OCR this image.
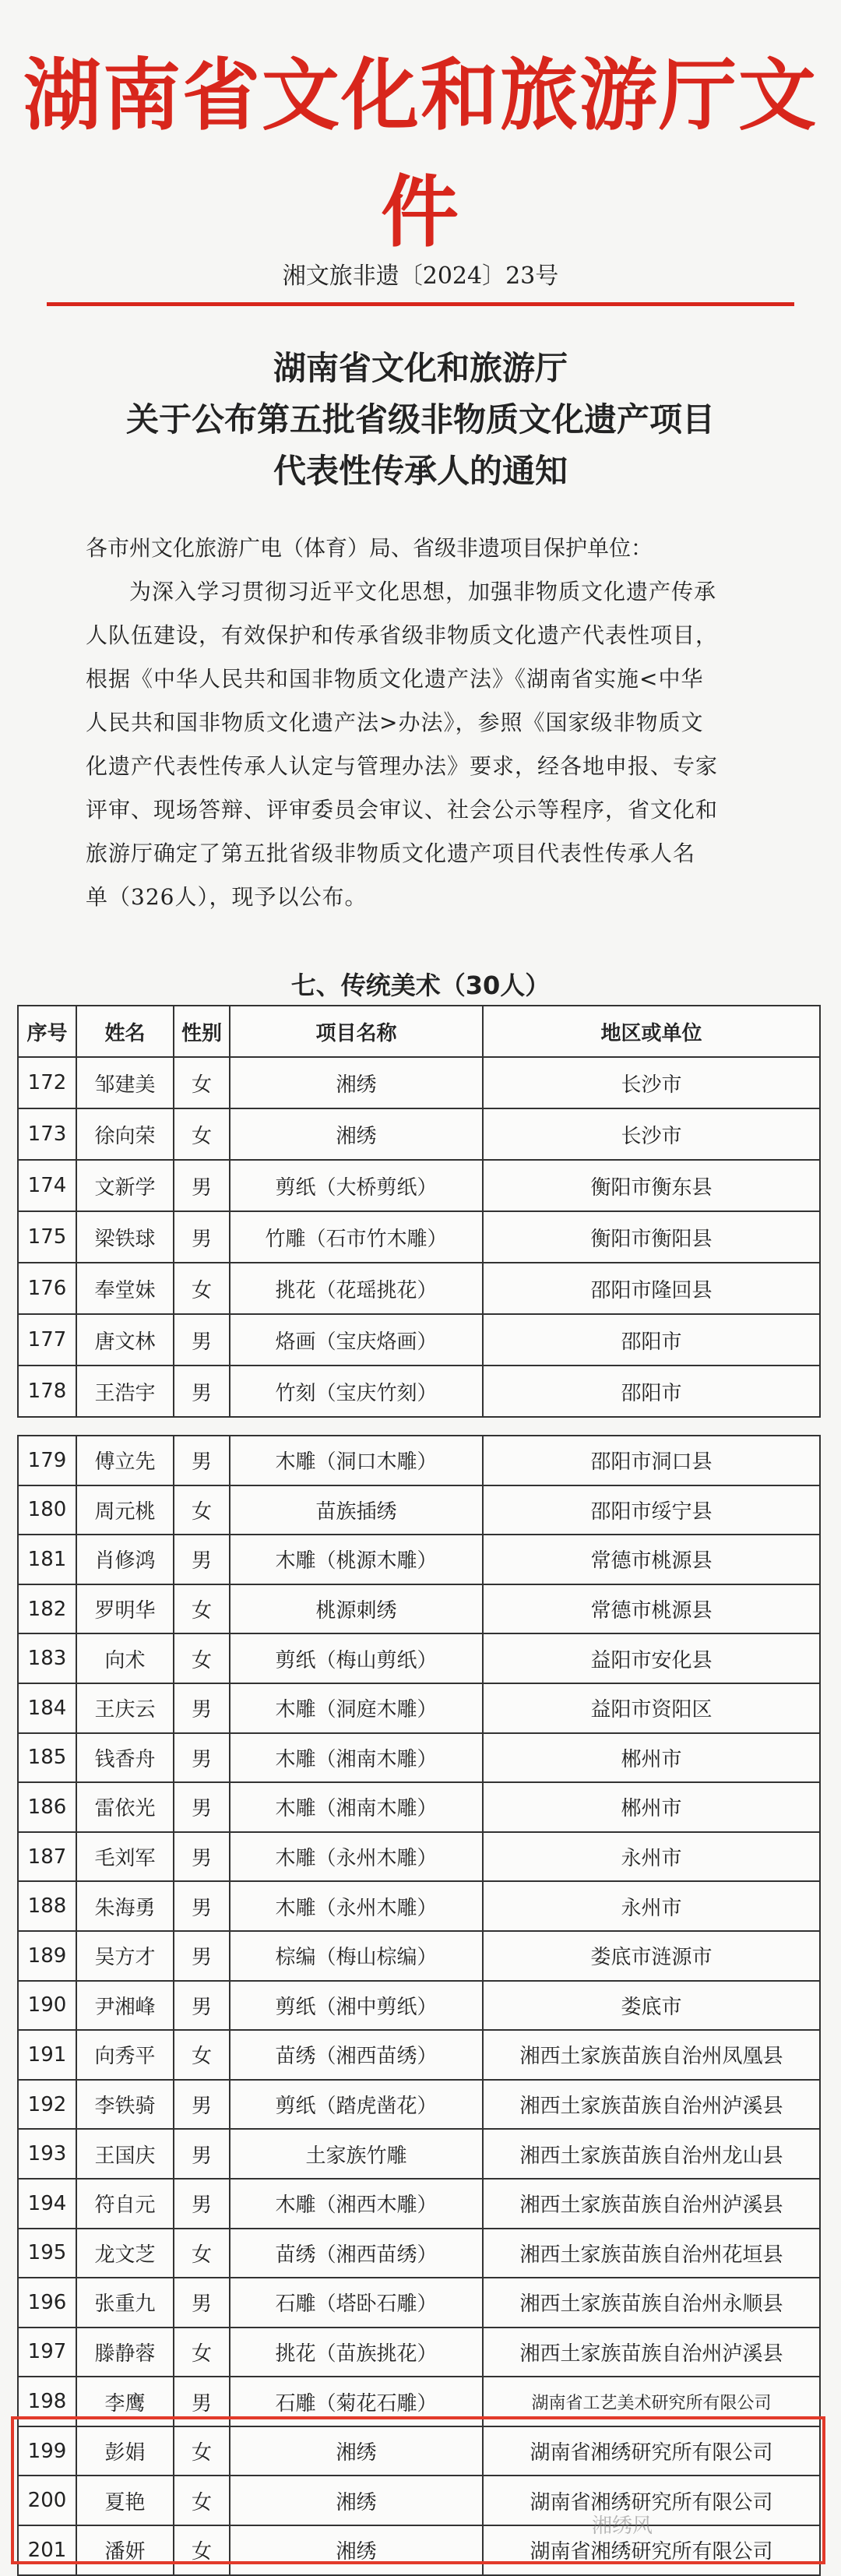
湖南省文化和旅游厅文件
湘文旅非遗〔2024〕23号
湖南省文化和旅游厅
关于公布第五批省级非物质文化遗产项目
代表性传承人的通知
各市州文化旅游广电（体育）局、省级非遗项目保护单位：
为深入学习贯彻习近平文化思想，加强非物质文化遗产传承
人队伍建设，有效保护和传承省级非物质文化遗产代表性项目，
根据《中华人民共和国非物质文化遗产法》《湖南省实施<中华
人民共和国非物质文化遗产法>办法》，参照《国家级非物质文
化遗产代表性传承人认定与管理办法》要求，经各地申报、专家
评审、现场答辩、评审委员会审议、社会公示等程序，省文化和
旅游厅确定了第五批省级非物质文化遗产项目代表性传承人名
单（326人），现予以公布。
七、传统美术（30人）
序号	姓名	性别	项目名称	地区或单位
172	邹建美	女	湘绣	长沙市
173	徐向荣	女	湘绣	长沙市
174	文新学	男	剪纸（大桥剪纸）	衡阳市衡东县
175	梁铁球	男	竹雕（石市竹木雕）	衡阳市衡阳县
176	奉堂妹	女	挑花（花瑶挑花）	邵阳市隆回县
177	唐文林	男	烙画（宝庆烙画）	邵阳市
178	王浩宇	男	竹刻（宝庆竹刻）	邵阳市
179	傅立先	男	木雕（洞口木雕）	邵阳市洞口县
180	周元桃	女	苗族插绣	邵阳市绥宁县
181	肖修鸿	男	木雕（桃源木雕）	常德市桃源县
182	罗明华	女	桃源刺绣	常德市桃源县
183	向术	女	剪纸（梅山剪纸）	益阳市安化县
184	王庆云	男	木雕（洞庭木雕）	益阳市资阳区
185	钱香舟	男	木雕（湘南木雕）	郴州市
186	雷依光	男	木雕（湘南木雕）	郴州市
187	毛刘军	男	木雕（永州木雕）	永州市
188	朱海勇	男	木雕（永州木雕）	永州市
189	吴方才	男	棕编（梅山棕编）	娄底市涟源市
190	尹湘峰	男	剪纸（湘中剪纸）	娄底市
191	向秀平	女	苗绣（湘西苗绣）	湘西土家族苗族自治州凤凰县
192	李铁骑	男	剪纸（踏虎凿花）	湘西土家族苗族自治州泸溪县
193	王国庆	男	土家族竹雕	湘西土家族苗族自治州龙山县
194	符自元	男	木雕（湘西木雕）	湘西土家族苗族自治州泸溪县
195	龙文芝	女	苗绣（湘西苗绣）	湘西土家族苗族自治州花垣县
196	张重九	男	石雕（塔卧石雕）	湘西土家族苗族自治州永顺县
197	滕静蓉	女	挑花（苗族挑花）	湘西土家族苗族自治州泸溪县
198	李鹰	男	石雕（菊花石雕）	湖南省工艺美术研究所有限公司
199	彭娟	女	湘绣	湖南省湘绣研究所有限公司
200	夏艳	女	湘绣	湖南省湘绣研究所有限公司
201	潘妍	女	湘绣	湖南省湘绣研究所有限公司
湘绣风
